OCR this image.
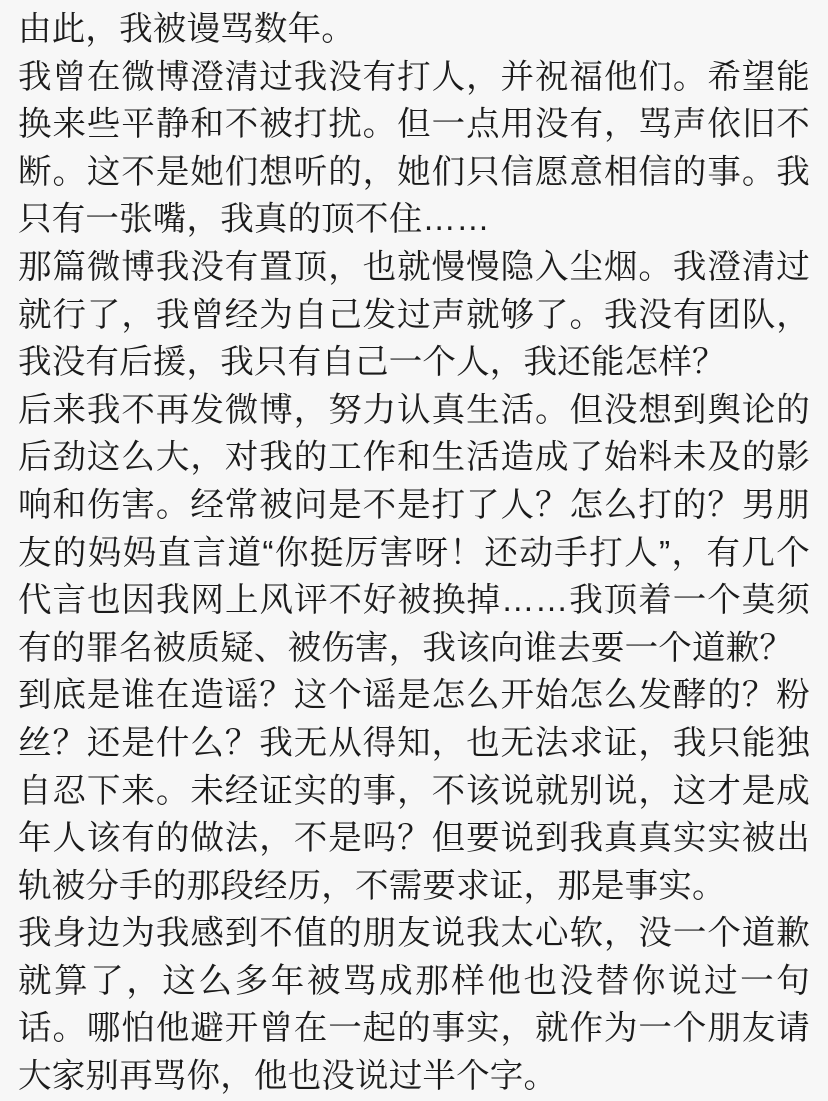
由此，我被谩骂数年。

我曾在微博澄清过我没有打人，并祝福他们。希望能换来些平静和不被打扰。但一点用没有，骂声依旧不断。这不是她们想听的，她们只信愿意相信的事。我只有一张嘴，我真的顶不住……

那篇微博我没有置顶，也就慢慢隐入尘烟。我澄清过就行了，我曾经为自己发过声就够了。我没有团队，我没有后援，我只有自己一个人，我还能怎样？

后来我不再发微博，努力认真生活。但没想到舆论的后劲这么大，对我的工作和生活造成了始料未及的影响和伤害。经常被问是不是打了人？怎么打的？男朋友的妈妈直言道“你挺厉害呀！还动手打人”，有几个代言也因我网上风评不好被换掉……我顶着一个莫须有的罪名被质疑、被伤害，我该向谁去要一个道歉？

到底是谁在造谣？这个谣是怎么开始怎么发酵的？粉丝？还是什么？我无从得知，也无法求证，我只能独自忍下来。未经证实的事，不该说就别说，这才是成年人该有的做法，不是吗？但要说到我真真实实被出轨被分手的那段经历，不需要求证，那是事实。

我身边为我感到不值的朋友说我太心软，没一个道歉就算了，这么多年被骂成那样他也没替你说过一句话。哪怕他避开曾在一起的事实，就作为一个朋友请大家别再骂你，他也没说过半个字。
